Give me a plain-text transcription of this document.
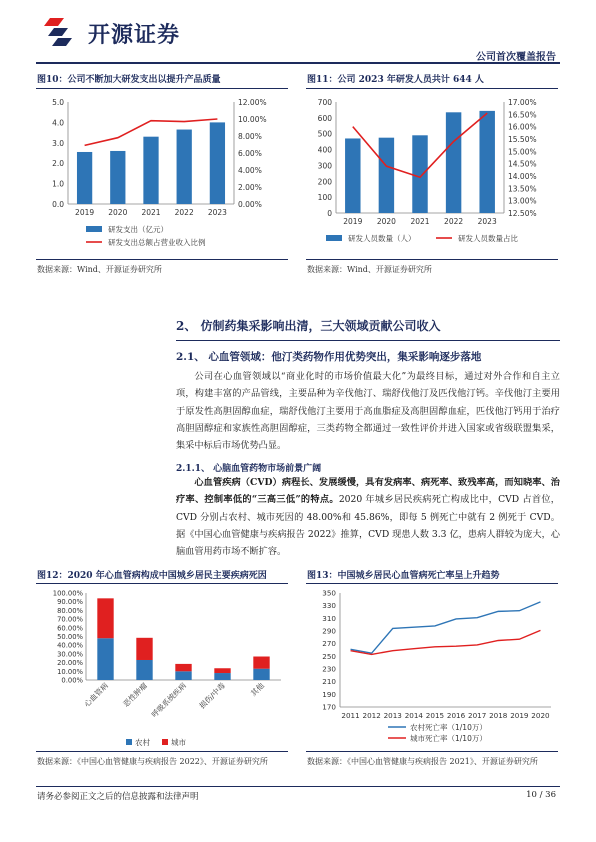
开源证券
公司首次覆盖报告
图10：公司不断加大研发支出以提升产品质量
0.0
1.0
2.0
3.0
4.0
5.0
0.00%
2.00%
4.00%
6.00%
8.00%
10.00%
12.00%
2019 2020 2021 2022 2023
研发支出（亿元）
研发支出总额占营业收入比例
数据来源：Wind、开源证券研究所
图11：公司 2023 年研发人员共计 644 人
0
100
200
300
400
500
600
700
12.50%
13.00%
13.50%
14.00%
14.50%
15.00%
15.50%
16.00%
16.50%
17.00%
2019 2020 2021 2022 2023
研发人员数量（人）	研发人员数量占比
数据来源：Wind、开源证券研究所
2、 仿制药集采影响出清，三大领域贡献公司收入
2.1、 心血管领域：他汀类药物作用优势突出，集采影响逐步落地

公司在心血管领域以“商业化时的市场价值最大化”为最终目标，通过对外合作和自主立项，构建丰富的产品管线，主要品种为辛伐他汀、瑞舒伐他汀及匹伐他汀钙。辛伐他汀主要用于原发性高胆固醇血症，瑞舒伐他汀主要用于高血脂症及高胆固醇血症，匹伐他汀钙用于治疗高胆固醇症和家族性高胆固醇症，三类药物全都通过一致性评价并进入国家或省级联盟集采，集采中标后市场优势凸显。

2.1.1、 心脑血管药物市场前景广阔

心血管疾病（CVD）病程长、发展缓慢，具有发病率、病死率、致残率高，而知晓率、治疗率、控制率低的“三高三低”的特点。2020 年城乡居民疾病死亡构成比中，CVD 占首位，CVD 分别占农村、城市死因的 48.00%和 45.86%，即每 5 例死亡中就有 2 例死于 CVD。据《中国心血管健康与疾病报告 2022》推算，CVD 现患人数 3.3 亿，患病人群较为庞大，心脑血管用药市场不断扩容。

图12：2020 年心血管病构成中国城乡居民主要疾病死因
0.00%
10.00%
20.00%
30.00%
40.00%
50.00%
60.00%
70.00%
80.00%
90.00%
100.00%
心血管病 恶性肿瘤 呼吸系统疾病 损伤/中毒	其他
农村	城市
数据来源：《中国心血管健康与疾病报告 2022》、开源证券研究所
图13：中国城乡居民心血管病死亡率呈上升趋势
170
190
210
230
250
270
290
310
330
350
2011 2012 2013 2014 2015 2016 2017 2018 2019 2020
农村死亡率（1/10万）
城市死亡率（1/10万）
数据来源：《中国心血管健康与疾病报告 2021》、开源证券研究所
请务必参阅正文之后的信息披露和法律声明	10 / 36
